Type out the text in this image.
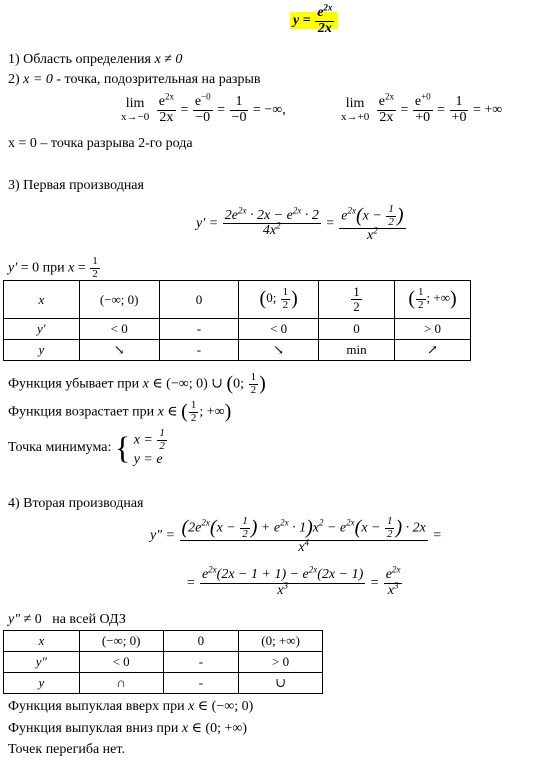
$y = \frac{e^{2x}}{2x}$
1) Область определения x ≠ 0
2) x = 0 - точка, подозрительная на разрыв
lim
x→−0
$\frac{e^{2x}}{2x} = \frac{e^{-0}}{-0} = \frac{1}{-0}$ = −∞,	lim
x→+0
$\frac{e^{2x}}{2x} = \frac{e^{+0}}{+0} = \frac{1}{+0}$ = +∞
x = 0 – точка разрыва 2-го рода
3) Первая производная
$y' = \frac{2e^{2x} \cdot 2x - e^{2x} \cdot 2}{4x^2} = \frac{e^{2x}(x - \frac{1}{2} )}{x^2}$
y′ = 0 при $x = \frac{1}{2}$
x	(−∞; 0)	0	(0; $\frac{1}{2}$ )	$\frac{1}{2}$	( $\frac{1}{2}$ ; +∞)
y′	< 0	-	< 0	0	> 0
y	↘	-	↘	min	↗
Функция убывает при x ∈ (−∞; 0) ∪ (0; $\frac{1}{2}$ )
Функция возрастает при x ∈ ( $\frac{1}{2}$ ; +∞)
Точка минимума: { $x = \frac{1}{2}$
y = e
4) Вторая производная
$y'' = \frac{(2e^{2x}(x - \frac{1}{2} ) + e^{2x} \cdot 1)x^2 - e^{2x}(x - \frac{1}{2} ) \cdot 2x}{x^4}$ =
= $\frac{e^{2x}(2x - 1 + 1) - e^{2x}(2x - 1)}{x^3} = \frac{e^{2x}}{x^3}$
y″ ≠ 0   на всей ОДЗ
x	(−∞; 0)	0	(0; +∞)
y″	< 0	-	> 0
y	∩	-	∪
Функция выпуклая вверх при x ∈ (−∞; 0)
Функция выпуклая вниз при x ∈ (0; +∞)
Точек перегиба нет.
